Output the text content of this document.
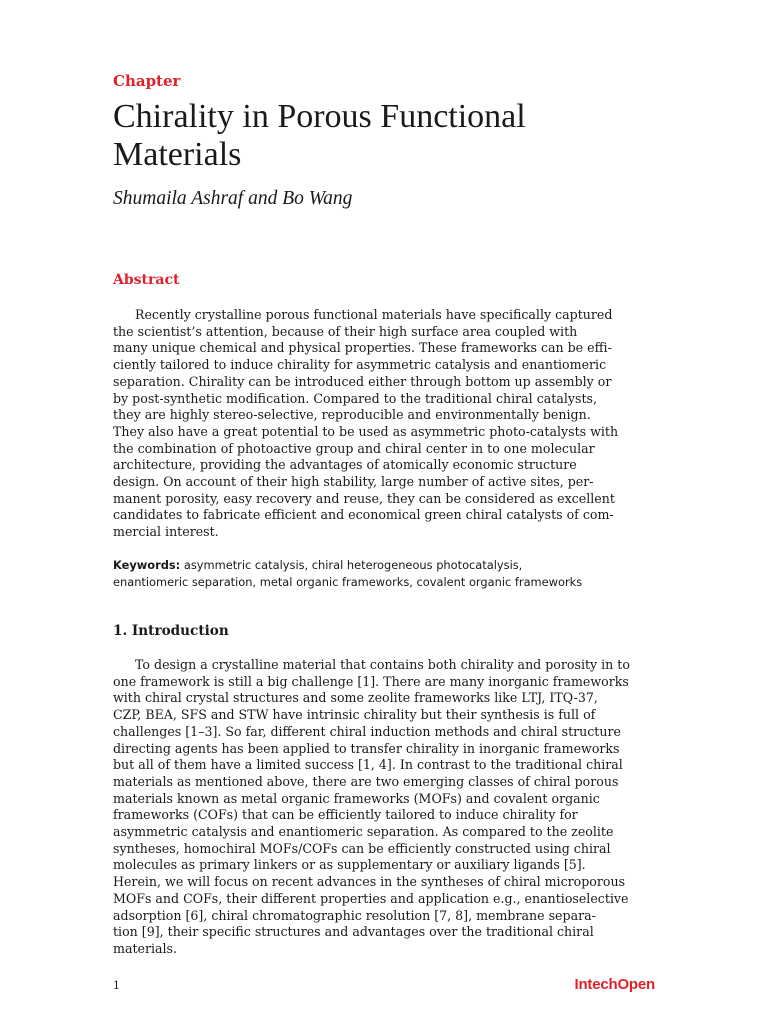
Chapter
Chirality in Porous Functional Materials
Shumaila Ashraf and Bo Wang
Abstract
Recently crystalline porous functional materials have specifically captured
the scientist’s attention, because of their high surface area coupled with
many unique chemical and physical properties. These frameworks can be effi-
ciently tailored to induce chirality for asymmetric catalysis and enantiomeric
separation. Chirality can be introduced either through bottom up assembly or
by post-synthetic modification. Compared to the traditional chiral catalysts,
they are highly stereo-selective, reproducible and environmentally benign.
They also have a great potential to be used as asymmetric photo-catalysts with
the combination of photoactive group and chiral center in to one molecular
architecture, providing the advantages of atomically economic structure
design. On account of their high stability, large number of active sites, per-
manent porosity, easy recovery and reuse, they can be considered as excellent
candidates to fabricate efficient and economical green chiral catalysts of com-
mercial interest.
Keywords: asymmetric catalysis, chiral heterogeneous photocatalysis,
enantiomeric separation, metal organic frameworks, covalent organic frameworks
1. Introduction
To design a crystalline material that contains both chirality and porosity in to
one framework is still a big challenge [1]. There are many inorganic frameworks
with chiral crystal structures and some zeolite frameworks like LTJ, ITQ-37,
CZP, BEA, SFS and STW have intrinsic chirality but their synthesis is full of
challenges [1–3]. So far, different chiral induction methods and chiral structure
directing agents has been applied to transfer chirality in inorganic frameworks
but all of them have a limited success [1, 4]. In contrast to the traditional chiral
materials as mentioned above, there are two emerging classes of chiral porous
materials known as metal organic frameworks (MOFs) and covalent organic
frameworks (COFs) that can be efficiently tailored to induce chirality for
asymmetric catalysis and enantiomeric separation. As compared to the zeolite
syntheses, homochiral MOFs/COFs can be efficiently constructed using chiral
molecules as primary linkers or as supplementary or auxiliary ligands [5].
Herein, we will focus on recent advances in the syntheses of chiral microporous
MOFs and COFs, their different properties and application e.g., enantioselective
adsorption [6], chiral chromatographic resolution [7, 8], membrane separa-
tion [9], their specific structures and advantages over the traditional chiral
materials.
1	IntechOpen
